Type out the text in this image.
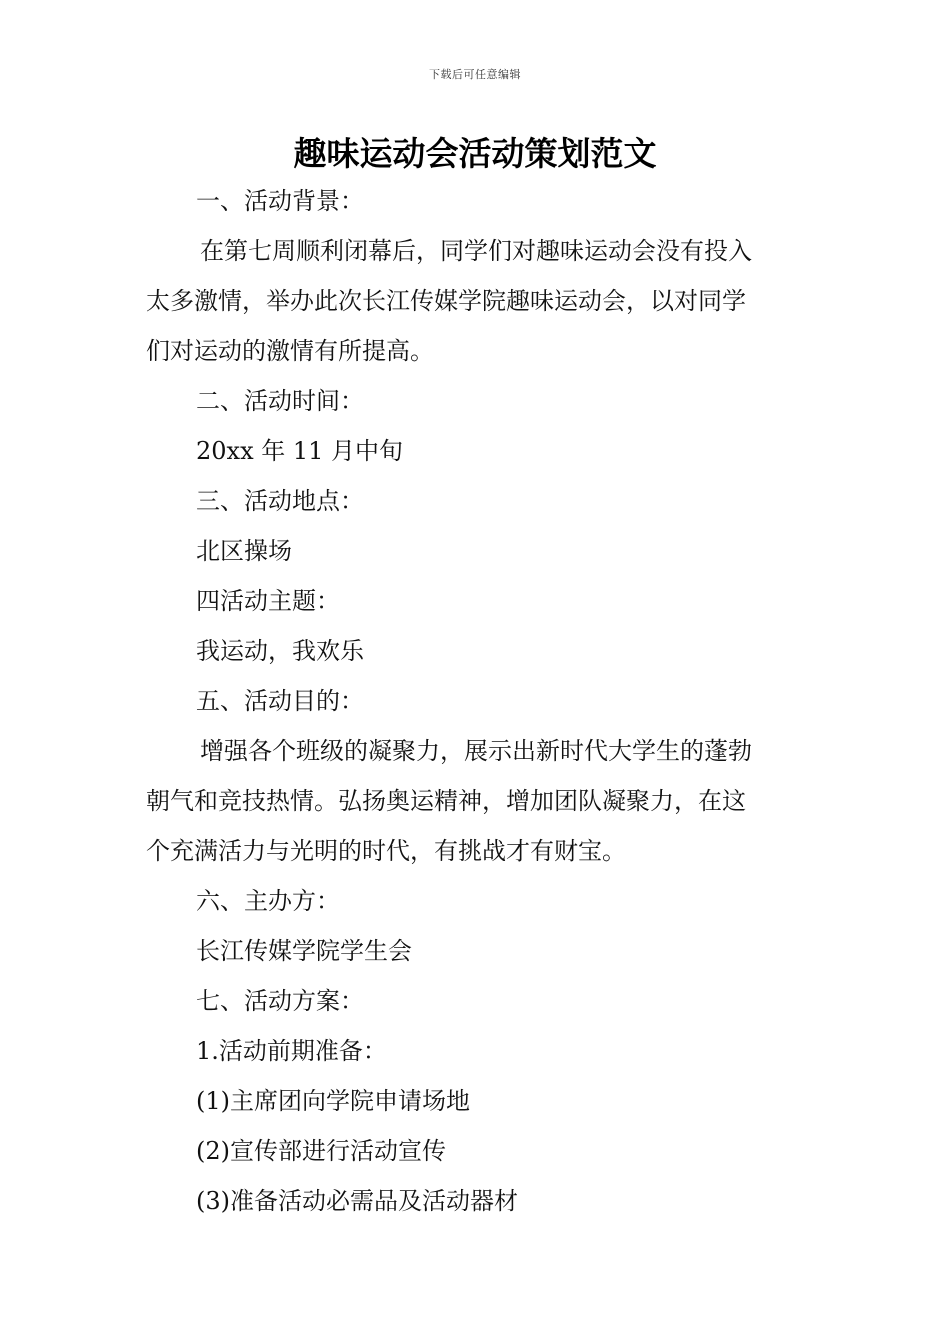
下载后可任意编辑
趣味运动会活动策划范文

一、活动背景：

在第七周顺利闭幕后，同学们对趣味运动会没有投入

太多激情，举办此次长江传媒学院趣味运动会，以对同学

们对运动的激情有所提高。

二、活动时间：

20xx 年 11 月中旬

三、活动地点：

北区操场

四活动主题：

我运动，我欢乐

五、活动目的：

增强各个班级的凝聚力，展示出新时代大学生的蓬勃

朝气和竞技热情。弘扬奥运精神，增加团队凝聚力，在这

个充满活力与光明的时代，有挑战才有财宝。

六、主办方：

长江传媒学院学生会

七、活动方案：

1.活动前期准备：

(1)主席团向学院申请场地

(2)宣传部进行活动宣传

(3)准备活动必需品及活动器材
